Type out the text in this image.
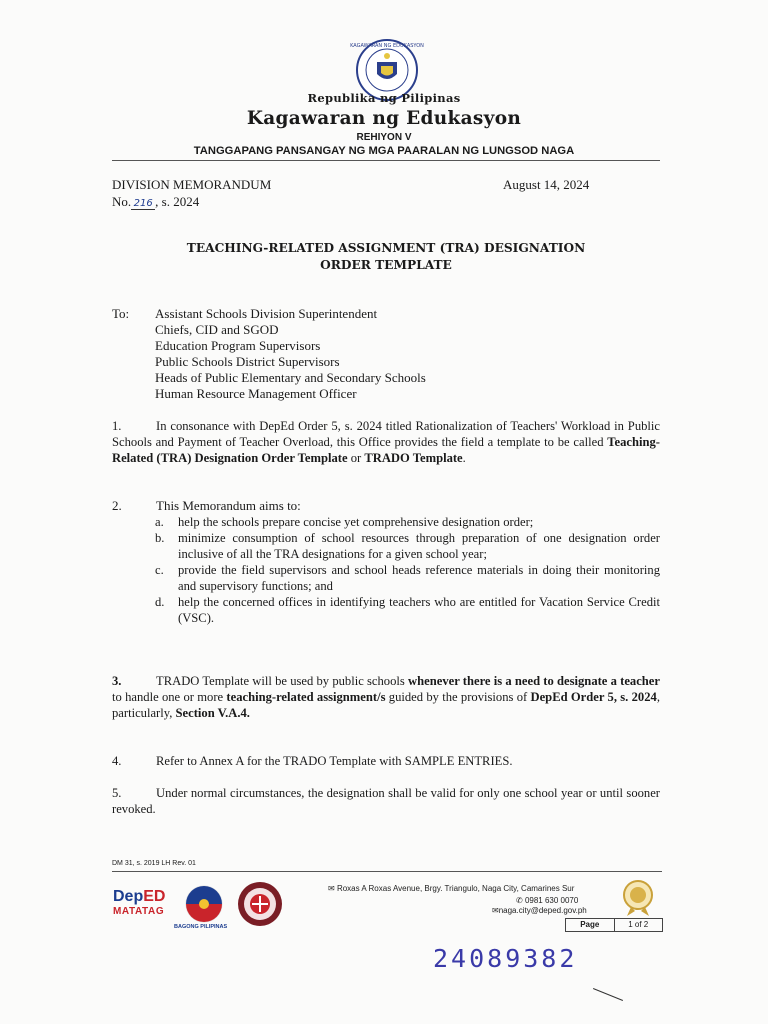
KAGAWARAN NG EDUKASYON
Republika ng Pilipinas
Kagawaran ng Edukasyon
REHIYON V
TANGGAPANG PANSANGAY NG MGA PAARALAN NG LUNGSOD NAGA
DIVISION MEMORANDUM
No. 216 , s. 2024
August 14, 2024
TEACHING-RELATED ASSIGNMENT (TRA) DESIGNATION
ORDER TEMPLATE
To: Assistant Schools Division Superintendent
Chiefs, CID and SGOD
Education Program Supervisors
Public Schools District Supervisors
Heads of Public Elementary and Secondary Schools
Human Resource Management Officer
1.	In consonance with DepEd Order 5, s. 2024 titled Rationalization of Teachers' Workload in Public Schools and Payment of Teacher Overload, this Office provides the field a template to be called Teaching-Related (TRA) Designation Order Template or TRADO Template.
2.	This Memorandum aims to:
a.	help the schools prepare concise yet comprehensive designation order;
b.	minimize consumption of school resources through preparation of one designation order inclusive of all the TRA designations for a given school year;
c.	provide the field supervisors and school heads reference materials in doing their monitoring and supervisory functions; and
d.	help the concerned offices in identifying teachers who are entitled for Vacation Service Credit (VSC).
3.	TRADO Template will be used by public schools whenever there is a need to designate a teacher to handle one or more teaching-related assignment/s guided by the provisions of DepEd Order 5, s. 2024, particularly, Section V.A.4.
4.	Refer to Annex A for the TRADO Template with SAMPLE ENTRIES.
5.	Under normal circumstances, the designation shall be valid for only one school year or until sooner revoked.
DM 31, s. 2019 LH Rev. 01
DepED
MATATAG
BAGONG PILIPINAS
✉ Roxas A Roxas Avenue, Brgy. Triangulo, Naga City, Camarines Sur
✆ 0981 630 0070
✉naga.city@deped.gov.ph
Page	1 of 2
24089382
